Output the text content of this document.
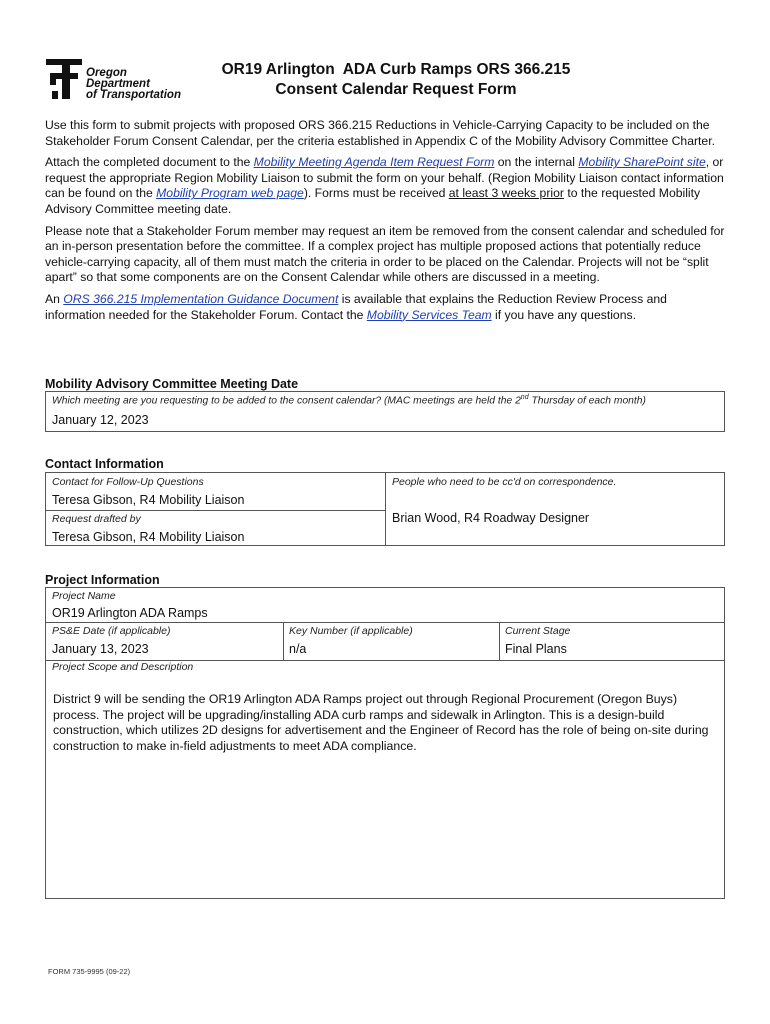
Oregon
Department
of Transportation
OR19 Arlington  ADA Curb Ramps ORS 366.215
Consent Calendar Request Form

Use this form to submit projects with proposed ORS 366.215 Reductions in Vehicle-Carrying Capacity to be included on the Stakeholder Forum Consent Calendar, per the criteria established in Appendix C of the Mobility Advisory Committee Charter.

Attach the completed document to the Mobility Meeting Agenda Item Request Form on the internal Mobility SharePoint site, or request the appropriate Region Mobility Liaison to submit the form on your behalf. (Region Mobility Liaison contact information can be found on the Mobility Program web page). Forms must be received at least 3 weeks prior to the requested Mobility Advisory Committee meeting date.

Please note that a Stakeholder Forum member may request an item be removed from the consent calendar and scheduled for an in-person presentation before the committee. If a complex project has multiple proposed actions that potentially reduce vehicle-carrying capacity, all of them must match the criteria in order to be placed on the Calendar. Projects will not be “split apart” so that some components are on the Consent Calendar while others are discussed in a meeting.

An ORS 366.215 Implementation Guidance Document is available that explains the Reduction Review Process and information needed for the Stakeholder Forum. Contact the Mobility Services Team if you have any questions.

Mobility Advisory Committee Meeting Date
Which meeting are you requesting to be added to the consent calendar? (MAC meetings are held the 2nd Thursday of each month)
January 12, 2023
Contact Information
Contact for Follow-Up Questions
Teresa Gibson, R4 Mobility Liaison
Request drafted by
Teresa Gibson, R4 Mobility Liaison
People who need to be cc'd on correspondence.
Brian Wood, R4 Roadway Designer
Project Information
Project Name
OR19 Arlington ADA Ramps
PS&E Date (if applicable)
January 13, 2023
Key Number (if applicable)
n/a
Current Stage
Final Plans
Project Scope and Description
District 9 will be sending the OR19 Arlington ADA Ramps project out through Regional Procurement (Oregon Buys) process. The project will be upgrading/installing ADA curb ramps and sidewalk in Arlington. This is a design-build construction, which utilizes 2D designs for advertisement and the Engineer of Record has the role of being on-site during construction to make in-field adjustments to meet ADA compliance.
FORM 735-9995 (09-22)
